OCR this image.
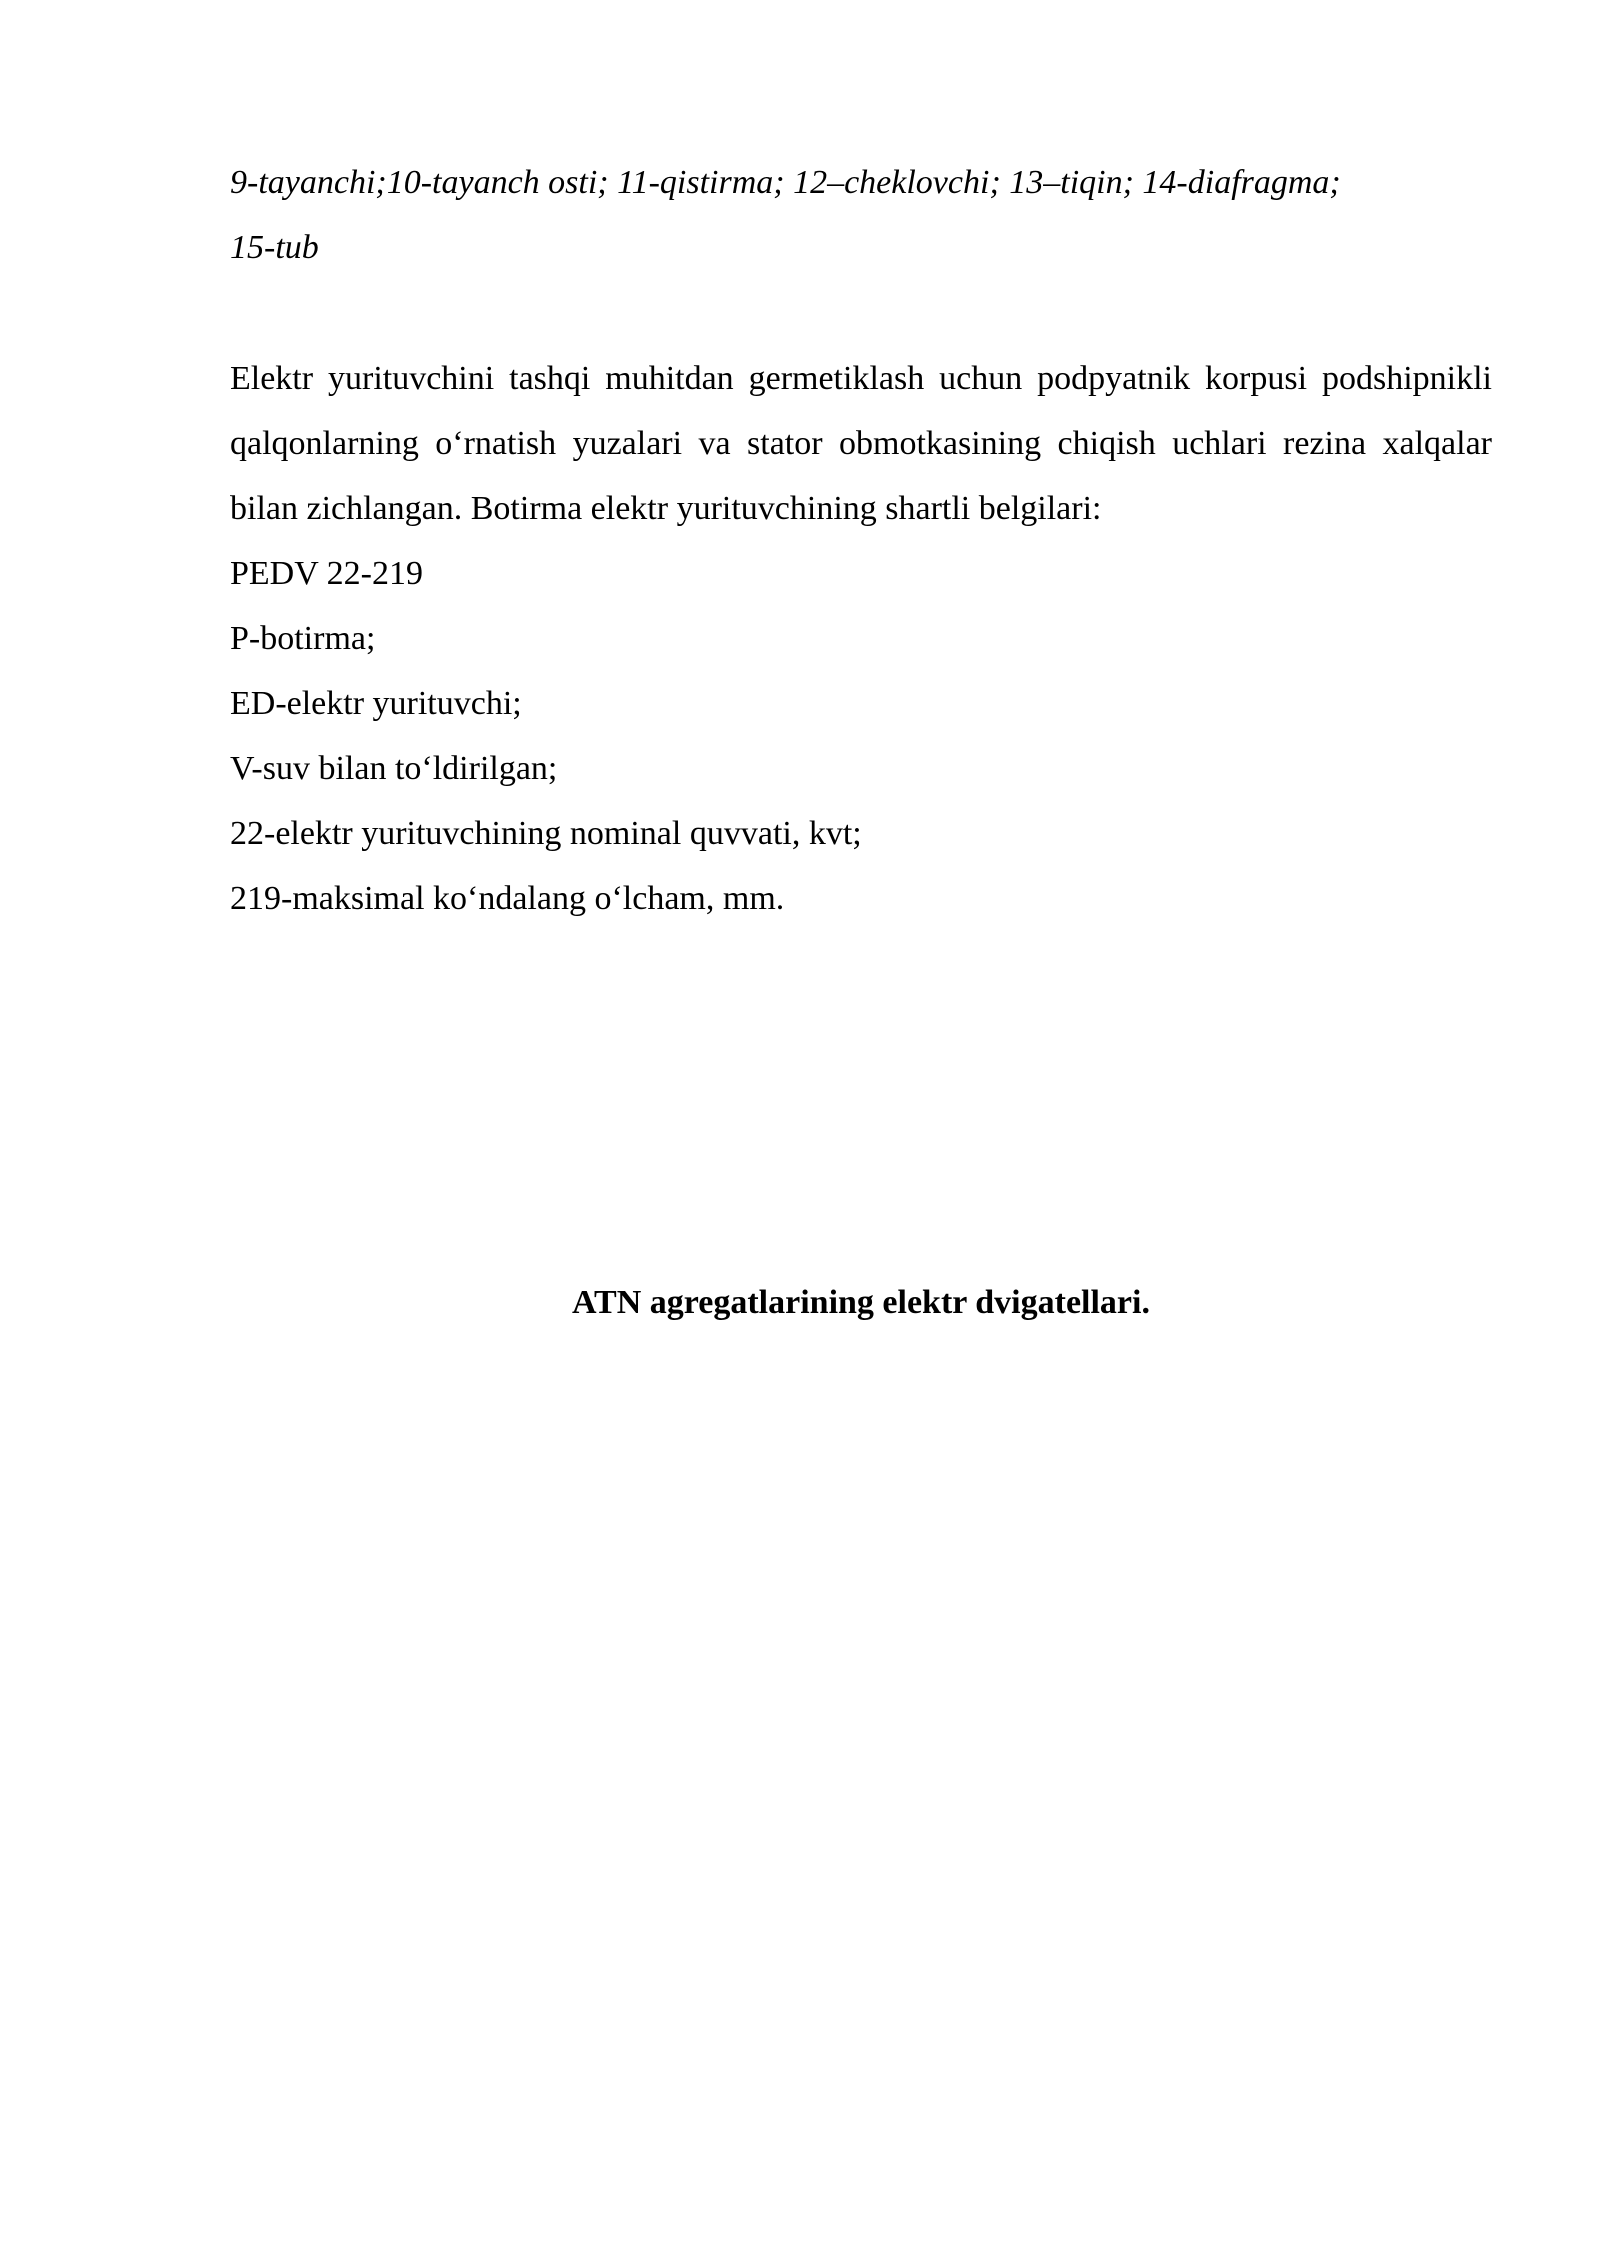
9-tayanchi;10-tayanch osti; 11-qistirma; 12–cheklovchi; 13–tiqin; 14-diafragma;
15-tub

Elektr yurituvchini tashqi muhitdan germetiklash uchun podpyatnik korpusi podshipnikli qalqonlarning o‘rnatish yuzalari va stator obmotkasining chiqish uchlari rezina xalqalar bilan zichlangan. Botirma elektr yurituvchining shartli belgilari:

PEDV 22-219

P-botirma;

ED-elektr yurituvchi;

V-suv bilan to‘ldirilgan;

22-elektr yurituvchining nominal quvvati, kvt;

219-maksimal ko‘ndalang o‘lcham, mm.

ATN agregatlarining elektr dvigatellari.
